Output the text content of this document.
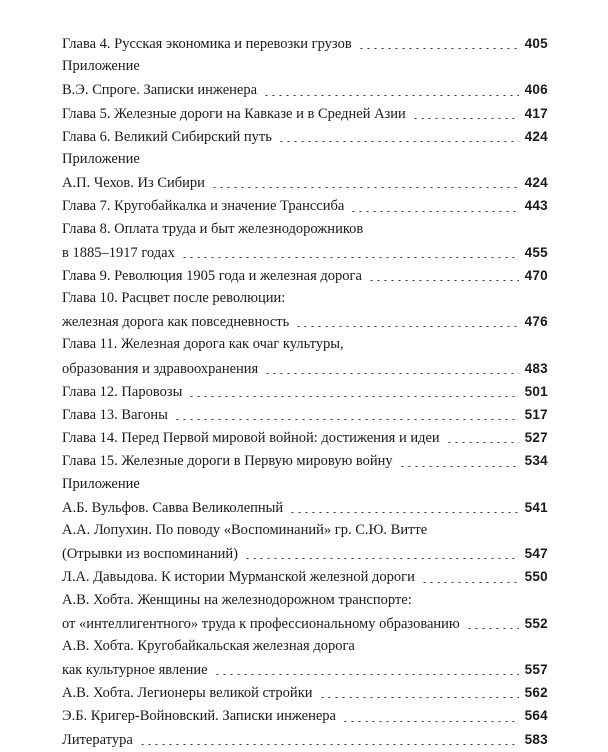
Глава 4. Русская экономика и перевозки грузов	405
Приложение
В.Э. Спроге. Записки инженера	406
Глава 5. Железные дороги на Кавказе и в Средней Азии	417
Глава 6. Великий Сибирский путь	424
Приложение
А.П. Чехов. Из Сибири	424
Глава 7. Кругобайкалка и значение Транссиба	443
Глава 8. Оплата труда и быт железнодорожников
в 1885–1917 годах	455
Глава 9. Революция 1905 года и железная дорога	470
Глава 10. Расцвет после революции:
железная дорога как повседневность	476
Глава 11. Железная дорога как очаг культуры,
образования и здравоохранения	483
Глава 12. Паровозы	501
Глава 13. Вагоны	517
Глава 14. Перед Первой мировой войной: достижения и идеи	527
Глава 15. Железные дороги в Первую мировую войну	534
Приложение
А.Б. Вульфов. Савва Великолепный	541
А.А. Лопухин. По поводу «Воспоминаний» гр. С.Ю. Витте
(Отрывки из воспоминаний)	547
Л.А. Давыдова. К истории Мурманской железной дороги	550
А.В. Хобта. Женщины на железнодорожном транспорте:
от «интеллигентного» труда к профессиональному образованию	552
А.В. Хобта. Кругобайкальская железная дорога
как культурное явление	557
А.В. Хобта. Легионеры великой стройки	562
Э.Б. Кригер-Войновский. Записки инженера	564
Литература	583
